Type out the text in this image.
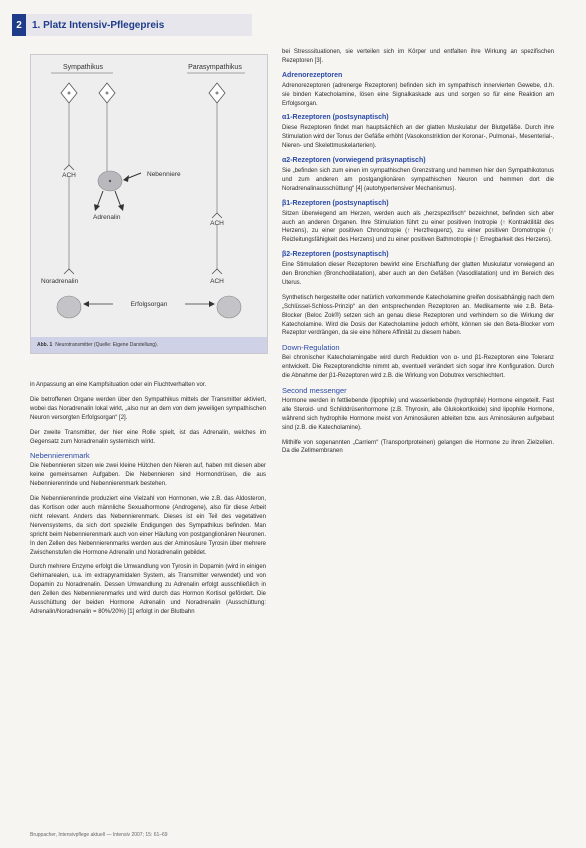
2	1. Platz Intensiv-Pflegepreis
Sympathikus	Parasympathikus
ACH
ACH
Nebenniere
Adrenalin
Noradrenalin	ACH
Erfolgsorgan
Abb. 1 Neurotransmitter (Quelle: Eigene Darstellung).

in Anpassung an eine Kampfsituation oder ein Fluchtverhalten vor.

Die betroffenen Organe werden über den Sympathikus mittels der Transmitter aktiviert, wobei das Noradrenalin lokal wirkt, „also nur an dem von dem jeweiligen sympathischen Neuron versorgten Erfolgsorgan“ [2].

Der zweite Transmitter, der hier eine Rolle spielt, ist das Adrenalin, welches im Gegensatz zum Noradrenalin systemisch wirkt.

Nebennierenmark

Die Nebennieren sitzen wie zwei kleine Hütchen den Nieren auf, haben mit diesen aber keine gemeinsamen Aufgaben. Die Nebennieren sind Hormondrüsen, die aus Nebennierenrinde und Nebennierenmark bestehen.

Die Nebennierenrinde produziert eine Vielzahl von Hormonen, wie z.B. das Aldosteron, das Kortison oder auch männliche Sexualhormone (Androgene), also für diese Arbeit nicht relevant. Anders das Nebennierenmark. Dieses ist ein Teil des vegetativen Nervensystems, da sich dort spezielle Endigungen des Sympathikus befinden. Man spricht beim Nebennierenmark auch von einer Häufung von postganglionären Neuronen. In den Zellen des Nebennierenmarks werden aus der Aminosäure Tyrosin über mehrere Zwischenstufen die Hormone Adrenalin und Noradrenalin gebildet.

Durch mehrere Enzyme erfolgt die Umwandlung von Tyrosin in Dopamin (wird in einigen Gehirnarealen, u.a. im extrapyramidalen System, als Transmitter verwendet) und von Dopamin zu Noradrenalin. Dessen Umwandlung zu Adrenalin erfolgt ausschließlich in den Zellen des Nebennierenmarks und wird durch das Hormon Kortisol gefördert. Die Ausschüttung der beiden Hormone Adrenalin und Noradrenalin (Ausschüttung: Adrenalin/Noradrenalin = 80%/20%) [1] erfolgt in der Blutbahn

bei Stresssituationen, sie verteilen sich im Körper und entfalten ihre Wirkung an spezifischen Rezeptoren [3].

Adrenorezeptoren

Adrenorezeptoren (adrenerge Rezeptoren) befinden sich im sympathisch innervierten Gewebe, d.h. sie binden Katecholamine, lösen eine Signalkaskade aus und sorgen so für eine Reaktion am Erfolgsorgan.

α1-Rezeptoren (postsynaptisch)

Diese Rezeptoren findet man hauptsächlich an der glatten Muskulatur der Blutgefäße. Durch ihre Stimulation wird der Tonus der Gefäße erhöht (Vasokonstriktion der Koronar-, Pulmonal-, Mesenterial-, Nieren- und Skelettmuskelarterien).

α2-Rezeptoren (vorwiegend präsynaptisch)

Sie „befinden sich zum einen im sympathischen Grenzstrang und hemmen hier den Sympathikotonus und zum anderen am postganglionären sympathischen Neuron und hemmen dort die Noradrenalinausschüttung“ [4] (autohypertensiver Mechanismus).

β1-Rezeptoren (postsynaptisch)

Sitzen überwiegend am Herzen, werden auch als „herzspezifisch“ bezeichnet, befinden sich aber auch an anderen Organen. Ihre Stimulation führt zu einer positiven Inotropie (↑ Kontraktilität des Herzens), zu einer positiven Chronotropie (↑ Herzfrequenz), zu einer positiven Dromotropie (↑ Reizleitungsfähigkeit des Herzens) und zu einer positiven Bathmotropie (↑ Erregbarkeit des Herzens).

β2-Rezeptoren (postsynaptisch)

Eine Stimulation dieser Rezeptoren bewirkt eine Erschlaffung der glatten Muskulatur vorwiegend an den Bronchien (Bronchodilatation), aber auch an den Gefäßen (Vasodilatation) und im Bereich des Uterus.

Synthetisch hergestellte oder natürlich vorkommende Katecholamine greifen dosisabhängig nach dem „Schlüssel-Schloss-Prinzip“ an den entsprechenden Rezeptoren an. Medikamente wie z.B. Beta-Blocker (Beloc Zok®) setzen sich an genau diese Rezeptoren und verhindern so die Wirkung der Katecholamine. Wird die Dosis der Katecholamine jedoch erhöht, können sie den Beta-Blocker vom Rezeptor verdrängen, da sie eine höhere Affinität zu diesem haben.

Down-Regulation

Bei chronischer Katecholamingabe wird durch Reduktion von α- und β1-Rezeptoren eine Toleranz entwickelt. Die Rezeptorendichte nimmt ab, eventuell verändert sich sogar ihre Konfiguration. Durch die Abnahme der β1-Rezeptoren wird z.B. die Wirkung von Dobutrex verschlechtert.

Second messenger

Hormone werden in fettliebende (lipophile) und wasserliebende (hydrophile) Hormone eingeteilt. Fast alle Steroid- und Schilddrüsenhormone (z.B. Thyroxin, alle Glukokortikoide) sind lipophile Hormone, während sich hydrophile Hormone meist von Aminosäuren ableiten bzw. aus Aminosäuren aufgebaut sind (z.B. die Katecholamine).

Mithilfe von sogenannten „Carriern“ (Transportproteinen) gelangen die Hormone zu ihren Zielzellen. Da die Zellmembranen

Bruppacher, Intensivpflege aktuell — Intensiv 2007; 15: 61–69
